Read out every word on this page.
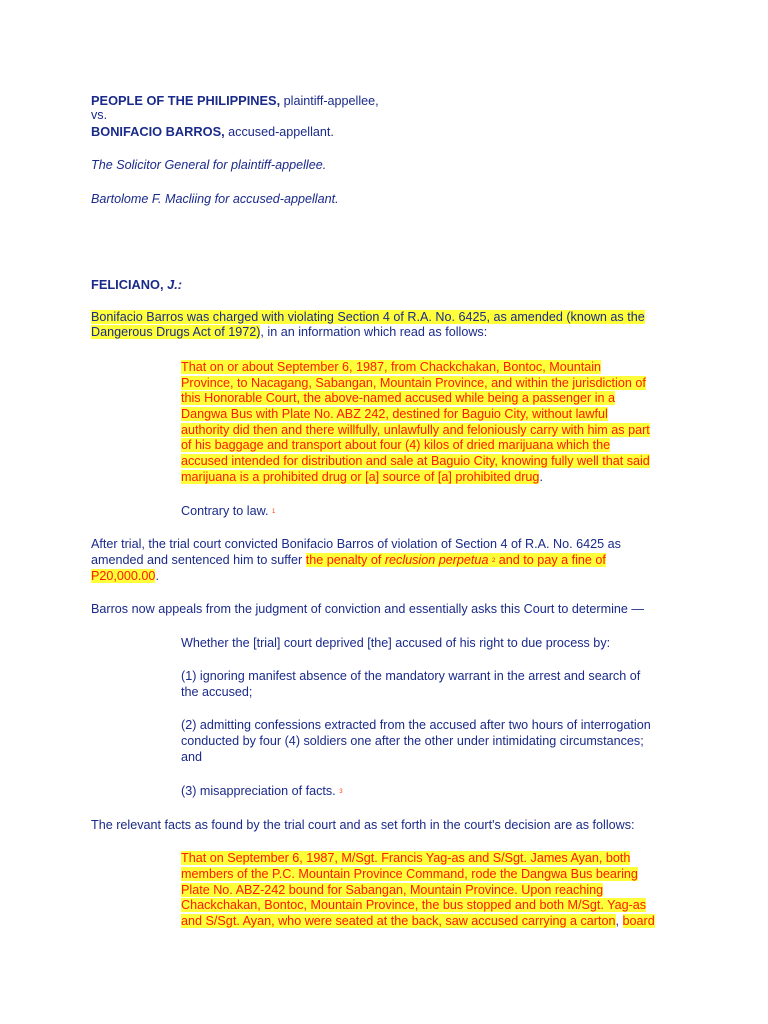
PEOPLE OF THE PHILIPPINES, plaintiff-appellee,
vs.
BONIFACIO BARROS, accused-appellant.
The Solicitor General for plaintiff-appellee.
Bartolome F. Macliing for accused-appellant.
FELICIANO, J.:
Bonifacio Barros was charged with violating Section 4 of R.A. No. 6425, as amended (known as the
Dangerous Drugs Act of 1972), in an information which read as follows:
That on or about September 6, 1987, from Chackchakan, Bontoc, Mountain
Province, to Nacagang, Sabangan, Mountain Province, and within the jurisdiction of
this Honorable Court, the above-named accused while being a passenger in a
Dangwa Bus with Plate No. ABZ 242, destined for Baguio City, without lawful
authority did then and there willfully, unlawfully and feloniously carry with him as part
of his baggage and transport about four (4) kilos of dried marijuana which the
accused intended for distribution and sale at Baguio City, knowing fully well that said
marijuana is a prohibited drug or [a] source of [a] prohibited drug.
Contrary to law. $^1$
After trial, the trial court convicted Bonifacio Barros of violation of Section 4 of R.A. No. 6425 as
amended and sentenced him to suffer the penalty of reclusion perpetua $^2$ and to pay a fine of
P20,000.00.
Barros now appeals from the judgment of conviction and essentially asks this Court to determine —
Whether the [trial] court deprived [the] accused of his right to due process by:
(1) ignoring manifest absence of the mandatory warrant in the arrest and search of
the accused;
(2) admitting confessions extracted from the accused after two hours of interrogation
conducted by four (4) soldiers one after the other under intimidating circumstances;
and
(3) misappreciation of facts. $^3$
The relevant facts as found by the trial court and as set forth in the court's decision are as follows:
That on September 6, 1987, M/Sgt. Francis Yag-as and S/Sgt. James Ayan, both
members of the P.C. Mountain Province Command, rode the Dangwa Bus bearing
Plate No. ABZ-242 bound for Sabangan, Mountain Province. Upon reaching
Chackchakan, Bontoc, Mountain Province, the bus stopped and both M/Sgt. Yag-as
and S/Sgt. Ayan, who were seated at the back, saw accused carrying a carton, board
